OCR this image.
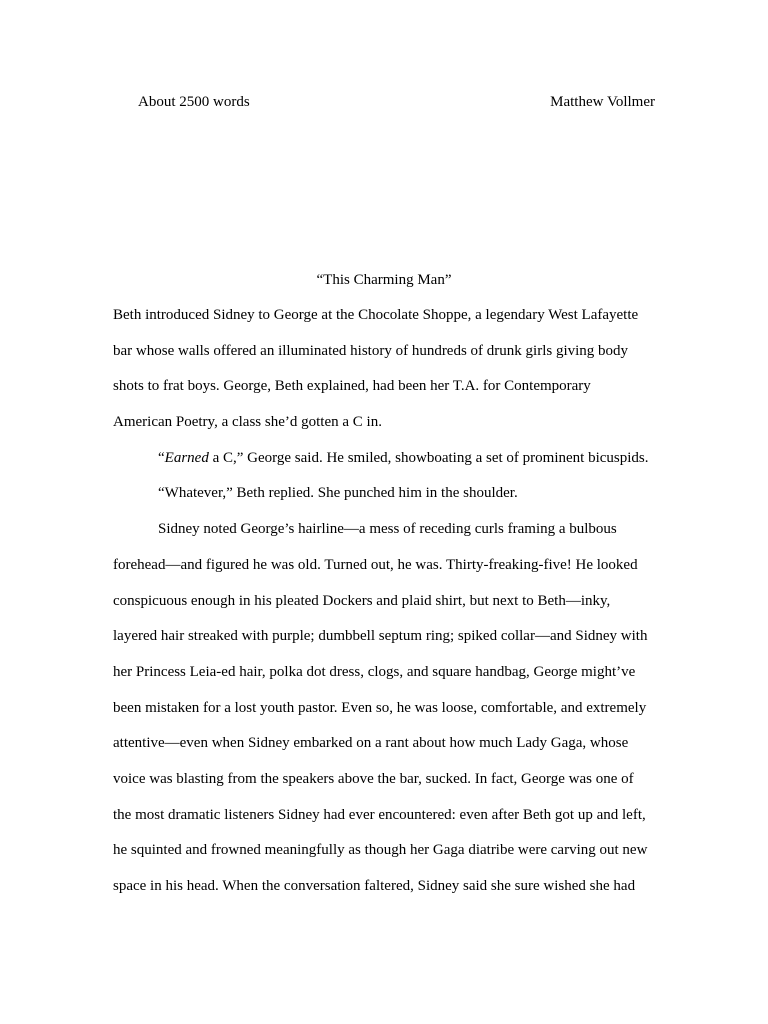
About 2500 words	Matthew Vollmer
“This Charming Man”
Beth introduced Sidney to George at the Chocolate Shoppe, a legendary West Lafayette
bar whose walls offered an illuminated history of hundreds of drunk girls giving body
shots to frat boys. George, Beth explained, had been her T.A. for Contemporary
American Poetry, a class she’d gotten a C in.
“Earned a C,” George said. He smiled, showboating a set of prominent bicuspids.
“Whatever,” Beth replied. She punched him in the shoulder.
Sidney noted George’s hairline—a mess of receding curls framing a bulbous
forehead—and figured he was old. Turned out, he was. Thirty-freaking-five! He looked
conspicuous enough in his pleated Dockers and plaid shirt, but next to Beth—inky,
layered hair streaked with purple; dumbbell septum ring; spiked collar—and Sidney with
her Princess Leia-ed hair, polka dot dress, clogs, and square handbag, George might’ve
been mistaken for a lost youth pastor. Even so, he was loose, comfortable, and extremely
attentive—even when Sidney embarked on a rant about how much Lady Gaga, whose
voice was blasting from the speakers above the bar, sucked. In fact, George was one of
the most dramatic listeners Sidney had ever encountered: even after Beth got up and left,
he squinted and frowned meaningfully as though her Gaga diatribe were carving out new
space in his head. When the conversation faltered, Sidney said she sure wished she had
